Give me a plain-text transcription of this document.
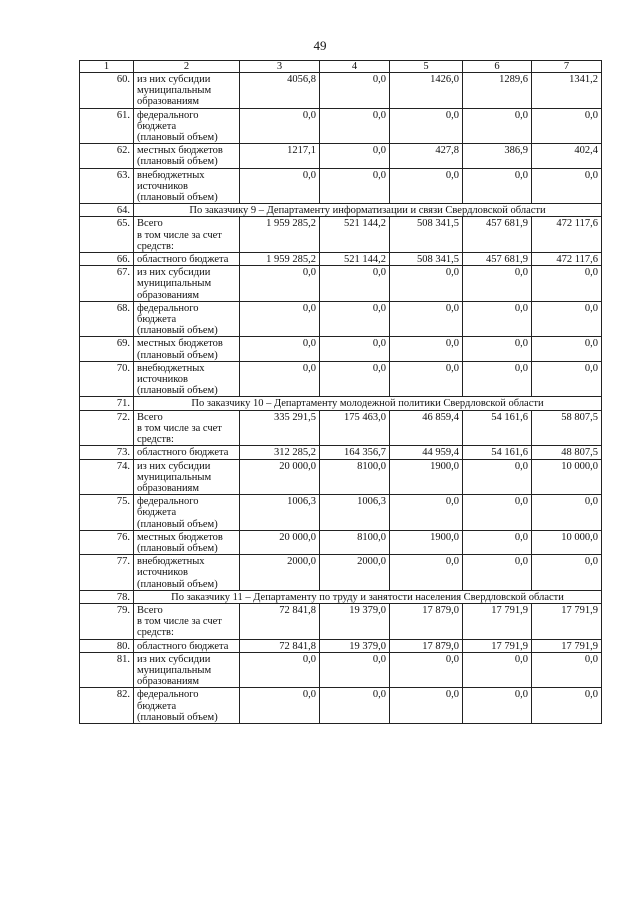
49
1	2	3	4	5	6	7
60.	из них субсидии
муниципальным
образованиям	4056,8	0,0	1426,0	1289,6	1341,2
61.	федерального
бюджета
(плановый объем)	0,0	0,0	0,0	0,0	0,0
62.	местных бюджетов
(плановый объем)	1217,1	0,0	427,8	386,9	402,4
63.	внебюджетных
источников
(плановый объем)	0,0	0,0	0,0	0,0	0,0
64.	По заказчику 9 – Департаменту информатизации и связи Свердловской области					
65.	Всего
в том числе за счет
средств:	1 959 285,2	521 144,2	508 341,5	457 681,9	472 117,6
66.	областного бюджета	1 959 285,2	521 144,2	508 341,5	457 681,9	472 117,6
67.	из них субсидии
муниципальным
образованиям	0,0	0,0	0,0	0,0	0,0
68.	федерального
бюджета
(плановый объем)	0,0	0,0	0,0	0,0	0,0
69.	местных бюджетов
(плановый объем)	0,0	0,0	0,0	0,0	0,0
70.	внебюджетных
источников
(плановый объем)	0,0	0,0	0,0	0,0	0,0
71.	По заказчику 10 – Департаменту молодежной политики Свердловской области					
72.	Всего
в том числе за счет
средств:	335 291,5	175 463,0	46 859,4	54 161,6	58 807,5
73.	областного бюджета	312 285,2	164 356,7	44 959,4	54 161,6	48 807,5
74.	из них субсидии
муниципальным
образованиям	20 000,0	8100,0	1900,0	0,0	10 000,0
75.	федерального
бюджета
(плановый объем)	1006,3	1006,3	0,0	0,0	0,0
76.	местных бюджетов
(плановый объем)	20 000,0	8100,0	1900,0	0,0	10 000,0
77.	внебюджетных
источников
(плановый объем)	2000,0	2000,0	0,0	0,0	0,0
78.	По заказчику 11 – Департаменту по труду и занятости населения Свердловской области					
79.	Всего
в том числе за счет
средств:	72 841,8	19 379,0	17 879,0	17 791,9	17 791,9
80.	областного бюджета	72 841,8	19 379,0	17 879,0	17 791,9	17 791,9
81.	из них субсидии
муниципальным
образованиям	0,0	0,0	0,0	0,0	0,0
82.	федерального
бюджета
(плановый объем)	0,0	0,0	0,0	0,0	0,0
